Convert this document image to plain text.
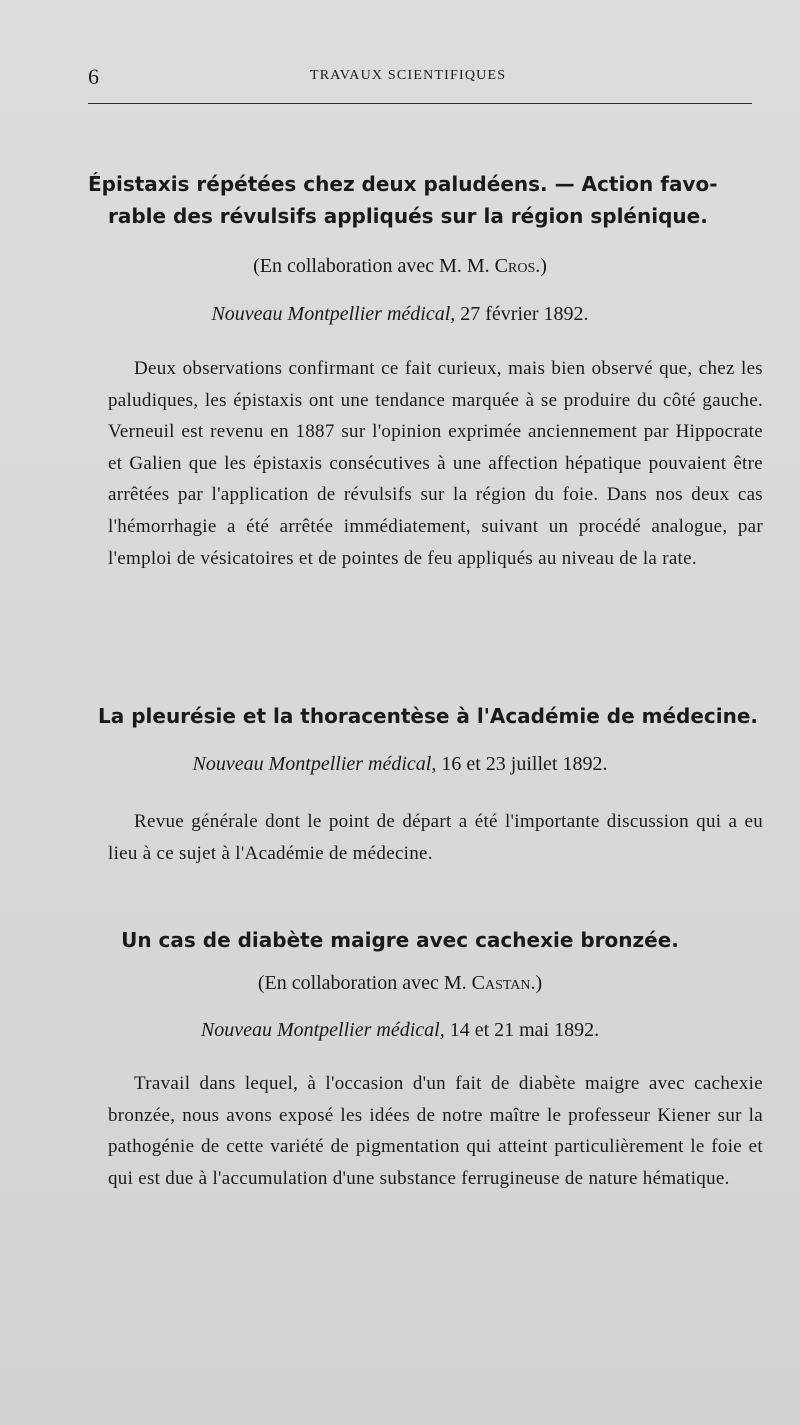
6	TRAVAUX SCIENTIFIQUES

Épistaxis répétées chez deux paludéens. — Action favo-

rable des révulsifs appliqués sur la région splénique.

(En collaboration avec M. M. Cros.)

Nouveau Montpellier médical, 27 février 1892.

Deux observations confirmant ce fait curieux, mais bien observé que, chez les paludiques, les épistaxis ont une tendance marquée à se produire du côté gauche. Verneuil est revenu en 1887 sur l'opinion exprimée anciennement par Hippocrate et Galien que les épistaxis consécutives à une affection hépatique pouvaient être arrêtées par l'application de révulsifs sur la région du foie. Dans nos deux cas l'hémorrhagie a été arrêtée immédiatement, suivant un procédé analogue, par l'emploi de vésicatoires et de pointes de feu appliqués au niveau de la rate.

La pleurésie et la thoracentèse à l'Académie de médecine.

Nouveau Montpellier médical, 16 et 23 juillet 1892.

Revue générale dont le point de départ a été l'importante discussion qui a eu lieu à ce sujet à l'Académie de médecine.

Un cas de diabète maigre avec cachexie bronzée.

(En collaboration avec M. Castan.)

Nouveau Montpellier médical, 14 et 21 mai 1892.

Travail dans lequel, à l'occasion d'un fait de diabète maigre avec cachexie bronzée, nous avons exposé les idées de notre maître le professeur Kiener sur la pathogénie de cette variété de pigmentation qui atteint particulièrement le foie et qui est due à l'accumulation d'une substance ferrugineuse de nature hématique.
